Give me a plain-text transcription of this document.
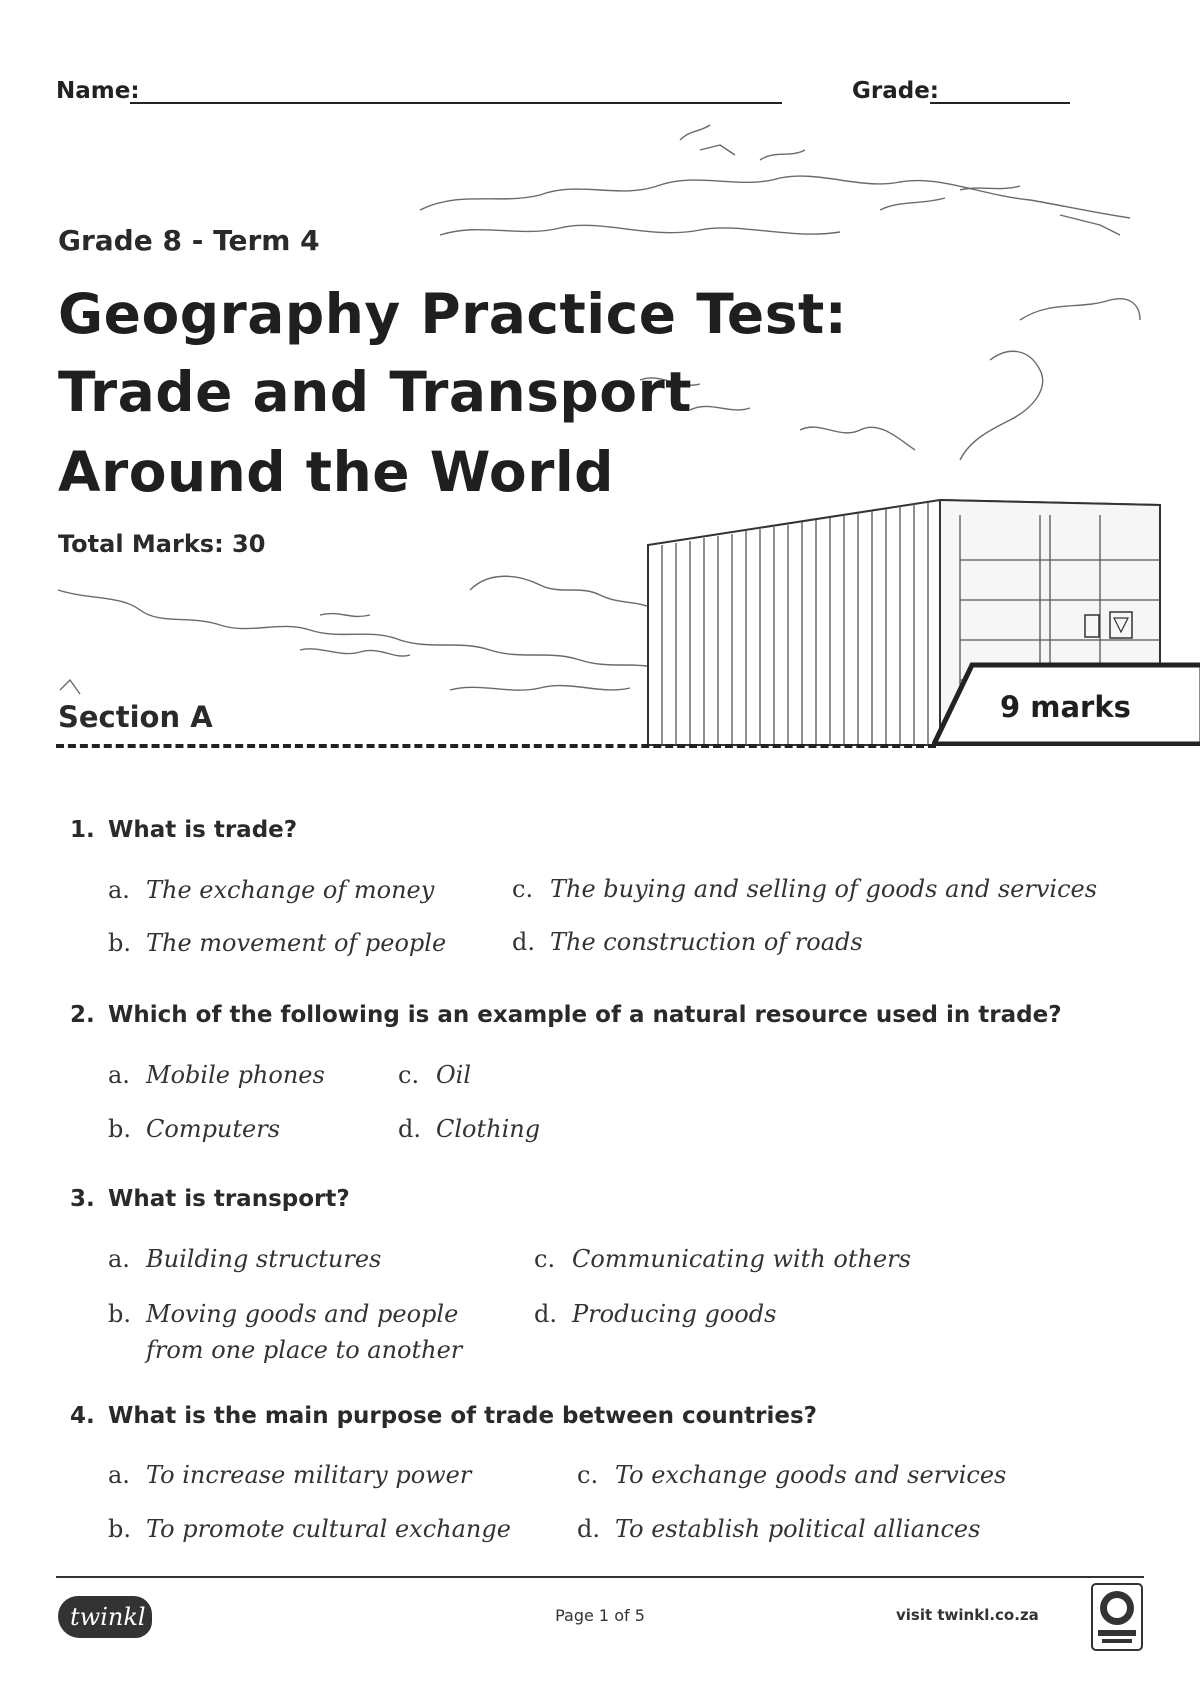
Name:	Grade:
Grade 8 - Term 4
Geography Practice Test:
Trade and Transport
Around the World
Total Marks: 30
Section A	9 marks
1. What is trade?
a. The exchange of money
b. The movement of people
c. The buying and selling of goods and services
d. The construction of roads
2. Which of the following is an example of a natural resource used in trade?
a. Mobile phones
b. Computers
c. Oil
d. Clothing
3. What is transport?
a. Building structures
b. Moving goods and people
from one place to another
c. Communicating with others
d. Producing goods
4. What is the main purpose of trade between countries?
a. To increase military power
b. To promote cultural exchange
c. To exchange goods and services
d. To establish political alliances
twinkl	Page 1 of 5	visit twinkl.co.za
